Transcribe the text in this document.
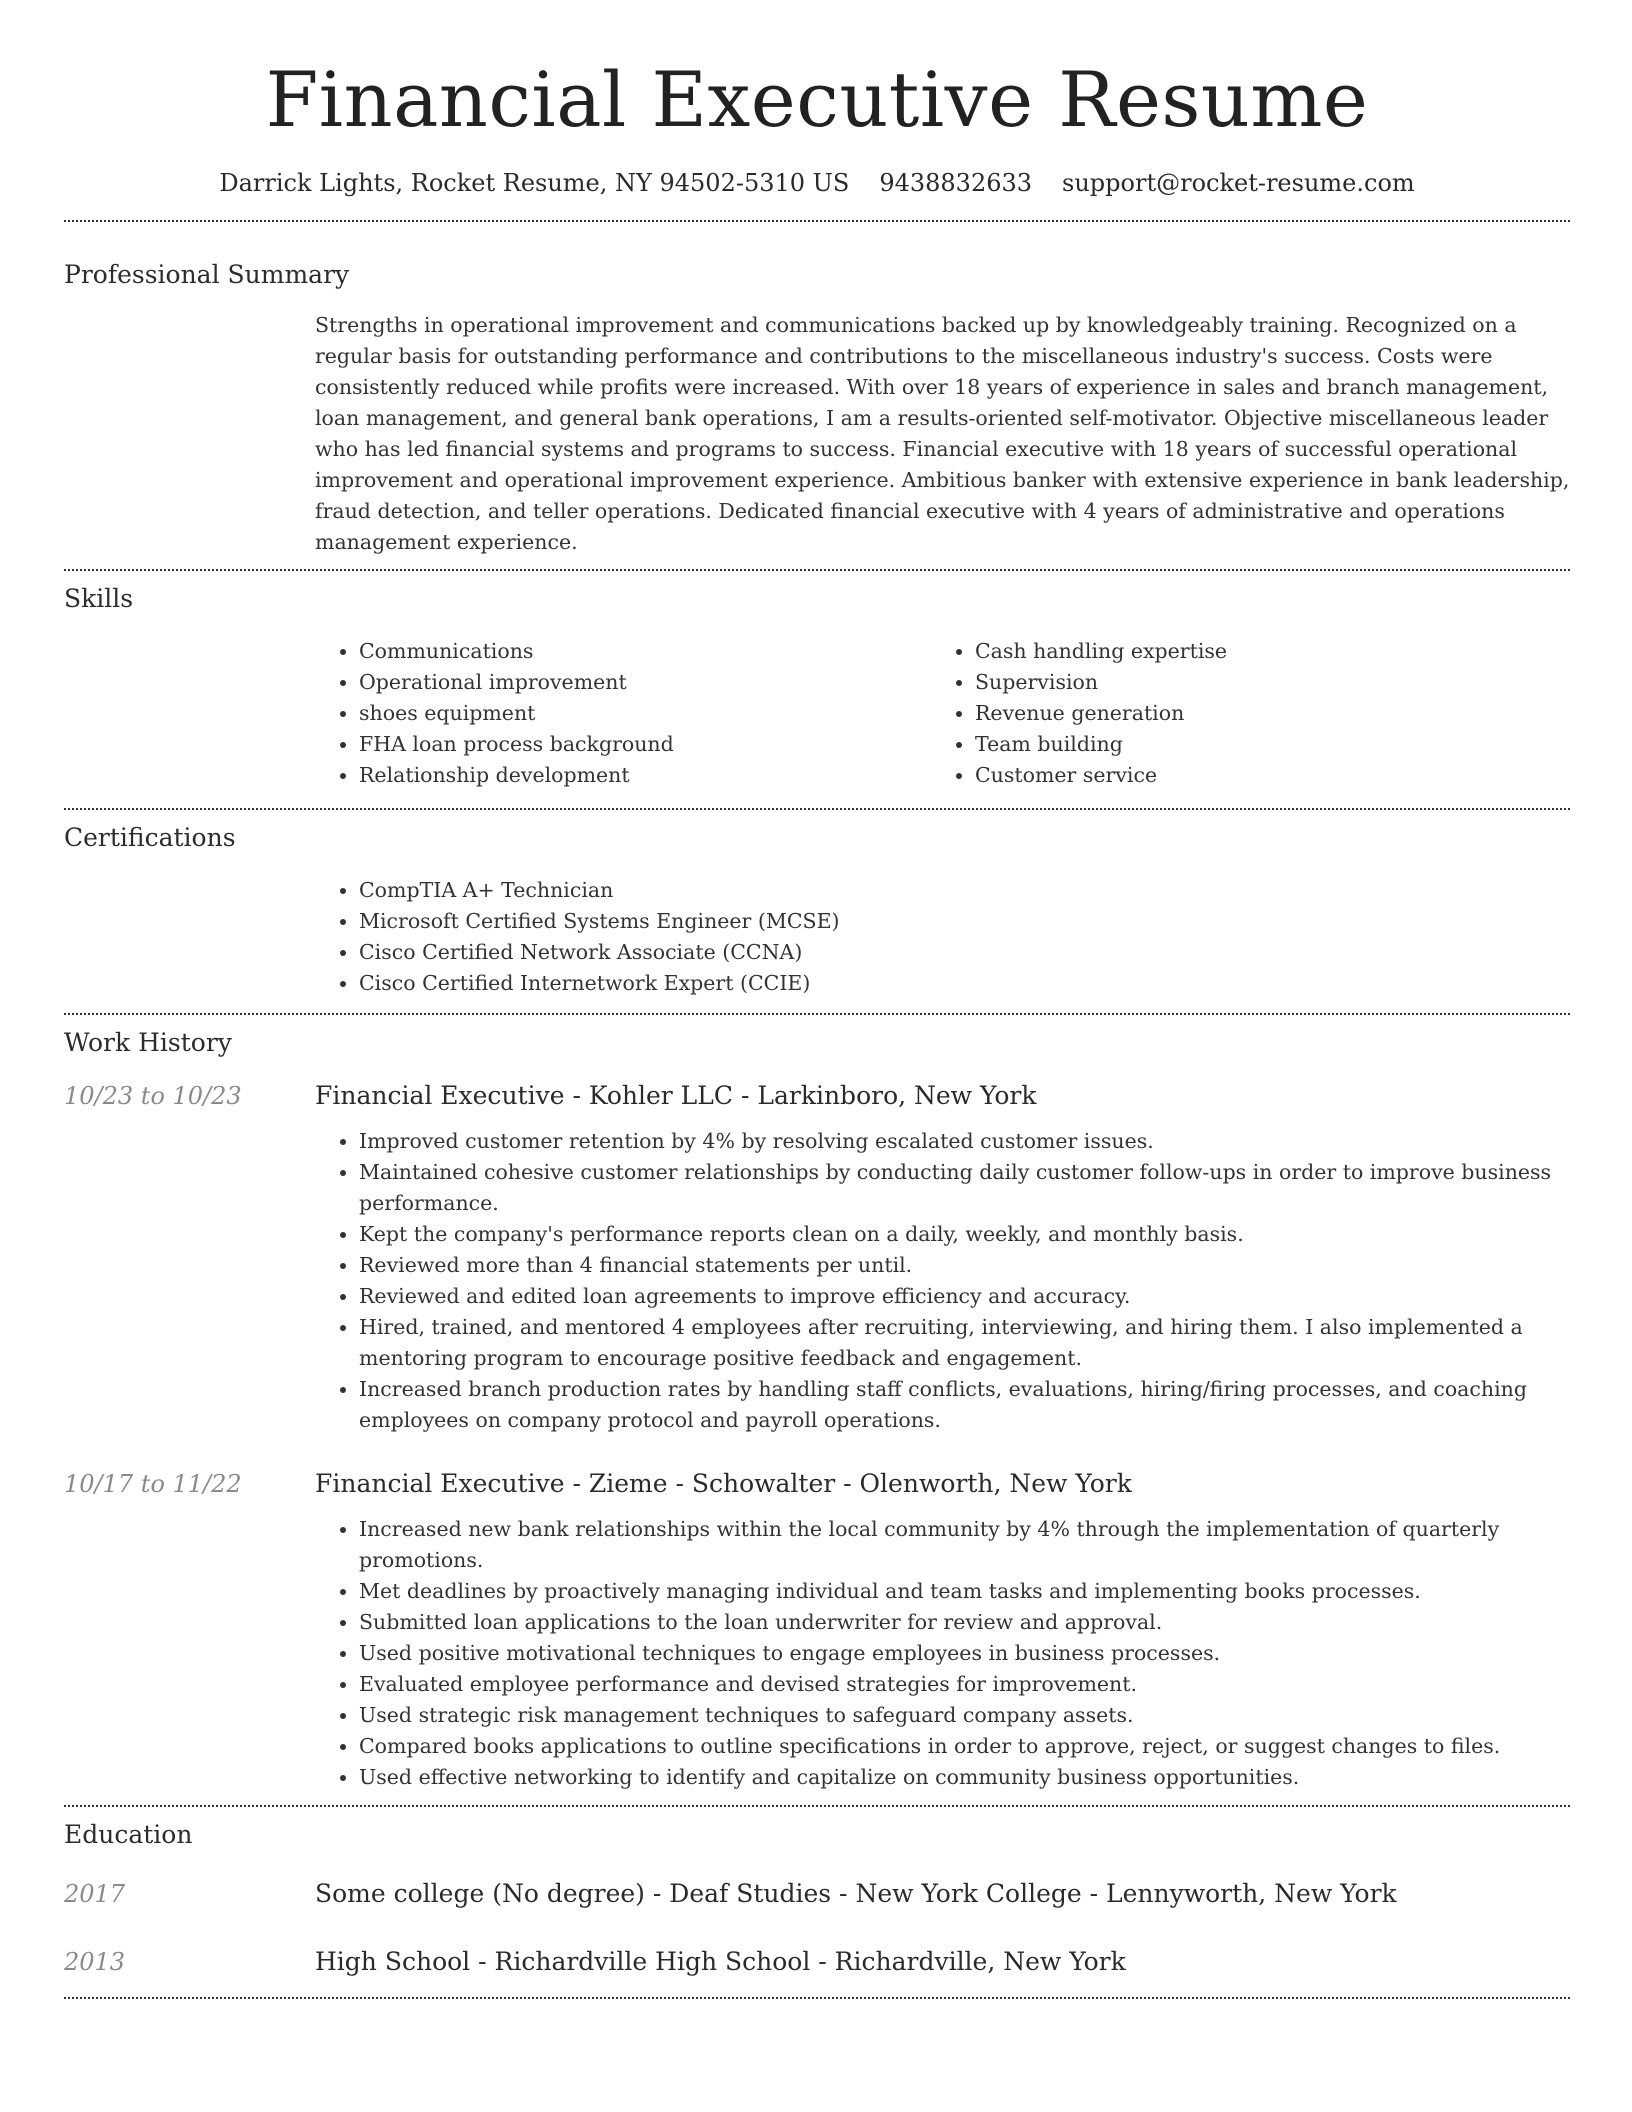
Financial Executive Resume
Darrick Lights, Rocket Resume, NY 94502-5310 US 9438832633 support@rocket-resume.com
Professional Summary
Strengths in operational improvement and communications backed up by knowledgeably training. Recognized on a regular basis for outstanding performance and contributions to the miscellaneous industry's success. Costs were consistently reduced while profits were increased. With over 18 years of experience in sales and branch management, loan management, and general bank operations, I am a results-oriented self-motivator. Objective miscellaneous leader who has led financial systems and programs to success. Financial executive with 18 years of successful operational improvement and operational improvement experience. Ambitious banker with extensive experience in bank leadership, fraud detection, and teller operations. Dedicated financial executive with 4 years of administrative and operations management experience.
Skills
• Communications
• Operational improvement
• shoes equipment
• FHA loan process background
• Relationship development
• Cash handling expertise
• Supervision
• Revenue generation
• Team building
• Customer service
Certifications
• CompTIA A+ Technician
• Microsoft Certified Systems Engineer (MCSE)
• Cisco Certified Network Associate (CCNA)
• Cisco Certified Internetwork Expert (CCIE)
Work History
10/23 to 10/23	Financial Executive - Kohler LLC - Larkinboro, New York
• Improved customer retention by 4% by resolving escalated customer issues.
• Maintained cohesive customer relationships by conducting daily customer follow-ups in order to improve business performance.
• Kept the company's performance reports clean on a daily, weekly, and monthly basis.
• Reviewed more than 4 financial statements per until.
• Reviewed and edited loan agreements to improve efficiency and accuracy.
• Hired, trained, and mentored 4 employees after recruiting, interviewing, and hiring them. I also implemented a mentoring program to encourage positive feedback and engagement.
• Increased branch production rates by handling staff conflicts, evaluations, hiring/firing processes, and coaching employees on company protocol and payroll operations.
10/17 to 11/22	Financial Executive - Zieme - Schowalter - Olenworth, New York
• Increased new bank relationships within the local community by 4% through the implementation of quarterly promotions.
• Met deadlines by proactively managing individual and team tasks and implementing books processes.
• Submitted loan applications to the loan underwriter for review and approval.
• Used positive motivational techniques to engage employees in business processes.
• Evaluated employee performance and devised strategies for improvement.
• Used strategic risk management techniques to safeguard company assets.
• Compared books applications to outline specifications in order to approve, reject, or suggest changes to files.
• Used effective networking to identify and capitalize on community business opportunities.
Education
2017	Some college (No degree) - Deaf Studies - New York College - Lennyworth, New York
2013	High School - Richardville High School - Richardville, New York
